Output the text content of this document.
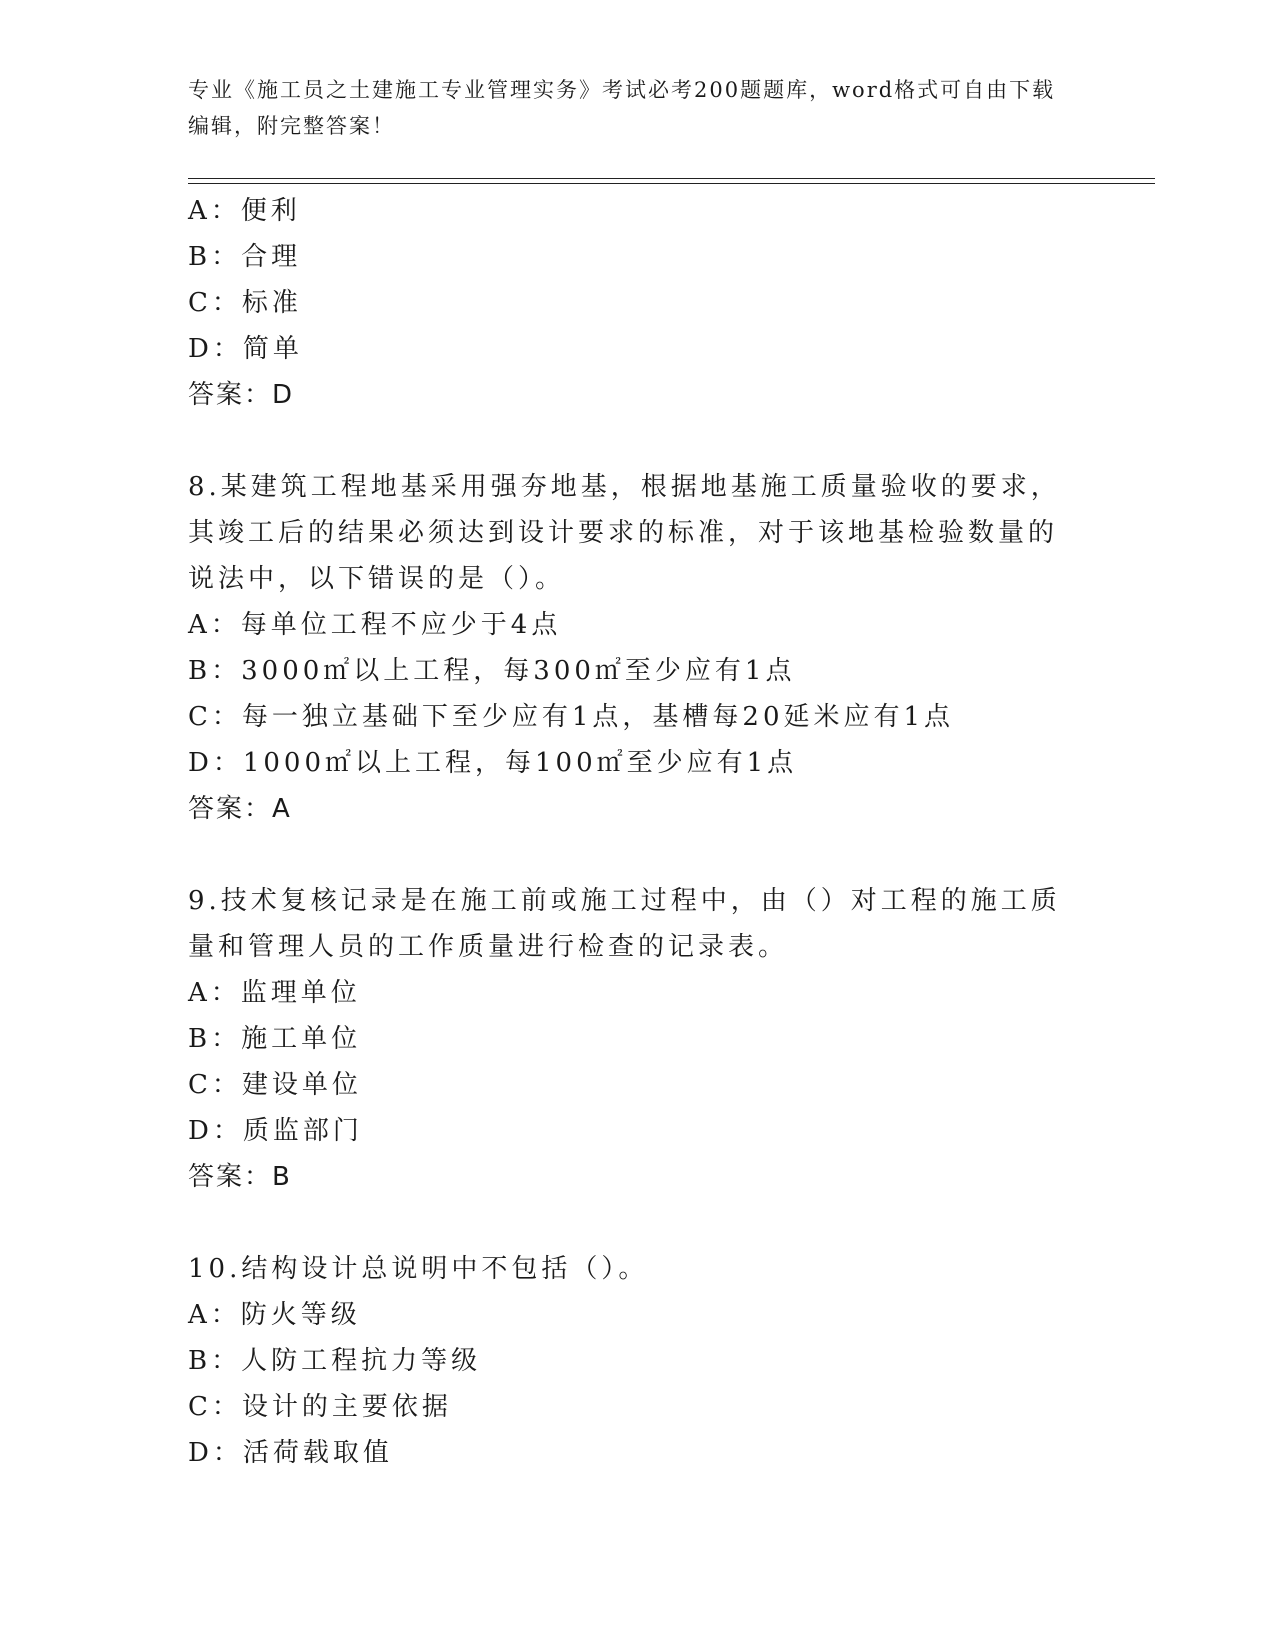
专业《施工员之土建施工专业管理实务》考试必考200题题库，word格式可自由下载编辑，附完整答案！
A：便利
B：合理
C：标准
D：简单
答案：D
8.某建筑工程地基采用强夯地基，根据地基施工质量验收的要求，其竣工后的结果必须达到设计要求的标准，对于该地基检验数量的说法中，以下错误的是（）。
A：每单位工程不应少于4点
B：3000㎡以上工程，每300㎡至少应有1点
C：每一独立基础下至少应有1点，基槽每20延米应有1点
D：1000㎡以上工程，每100㎡至少应有1点
答案：A
9.技术复核记录是在施工前或施工过程中，由（）对工程的施工质量和管理人员的工作质量进行检查的记录表。
A：监理单位
B：施工单位
C：建设单位
D：质监部门
答案：B
10.结构设计总说明中不包括（）。
A：防火等级
B：人防工程抗力等级
C：设计的主要依据
D：活荷载取值
